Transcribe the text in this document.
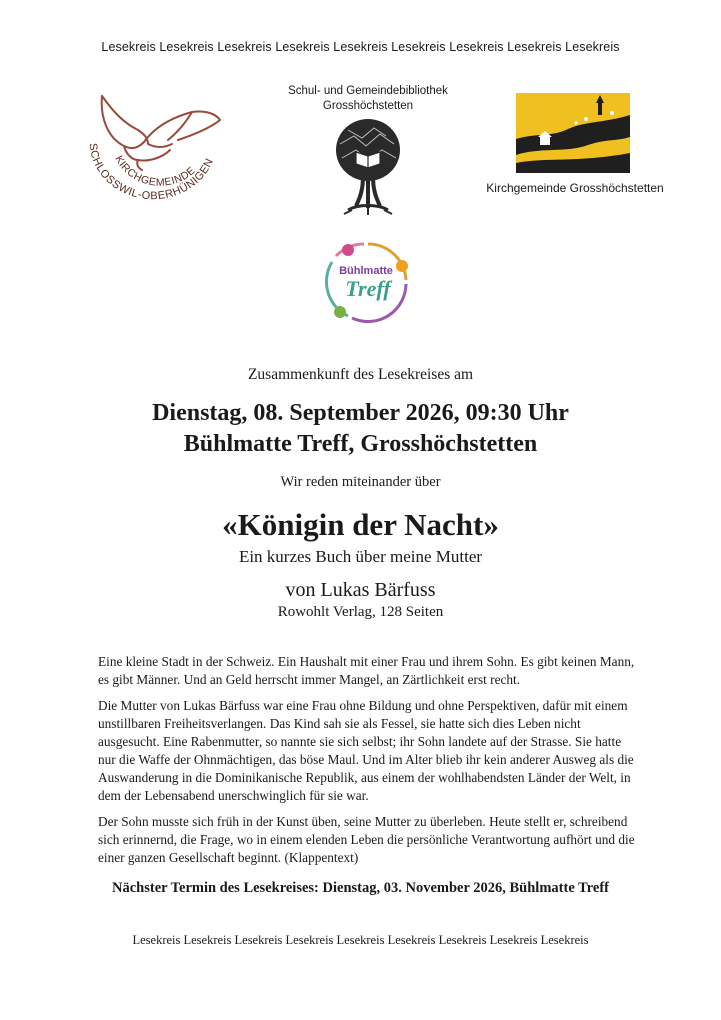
Lesekreis Lesekreis Lesekreis Lesekreis Lesekreis Lesekreis Lesekreis Lesekreis Lesekreis
SCHLOSSWIL-OBERHÜNIGEN
KIRCHGEMEINDE
Schul- und Gemeindebibliothek
Grosshöchstetten
Kirchgemeinde Grosshöchstetten
Bühlmatte
Treff
Zusammenkunft des Lesekreises am
Dienstag, 08. September 2026, 09:30 Uhr
Bühlmatte Treff, Grosshöchstetten
Wir reden miteinander über
«Königin der Nacht»
Ein kurzes Buch über meine Mutter
von Lukas Bärfuss
Rowohlt Verlag, 128 Seiten
Eine kleine Stadt in der Schweiz. Ein Haushalt mit einer Frau und ihrem Sohn. Es gibt keinen Mann, es gibt Männer. Und an Geld herrscht immer Mangel, an Zärtlichkeit erst recht.
Die Mutter von Lukas Bärfuss war eine Frau ohne Bildung und ohne Perspektiven, dafür mit einem unstillbaren Freiheitsverlangen. Das Kind sah sie als Fessel, sie hatte sich dies Leben nicht ausgesucht. Eine Rabenmutter, so nannte sie sich selbst; ihr Sohn landete auf der Strasse. Sie hatte nur die Waffe der Ohnmächtigen, das böse Maul. Und im Alter blieb ihr kein anderer Ausweg als die Auswanderung in die Dominikanische Republik, aus einem der wohlhabendsten Länder der Welt, in dem der Lebensabend unerschwinglich für sie war.
Der Sohn musste sich früh in der Kunst üben, seine Mutter zu überleben. Heute stellt er, schreibend sich erinnernd, die Frage, wo in einem elenden Leben die persönliche Verantwortung aufhört und die einer ganzen Gesellschaft beginnt. (Klappentext)
Nächster Termin des Lesekreises: Dienstag, 03. November 2026, Bühlmatte Treff
Lesekreis Lesekreis Lesekreis Lesekreis Lesekreis Lesekreis Lesekreis Lesekreis Lesekreis
